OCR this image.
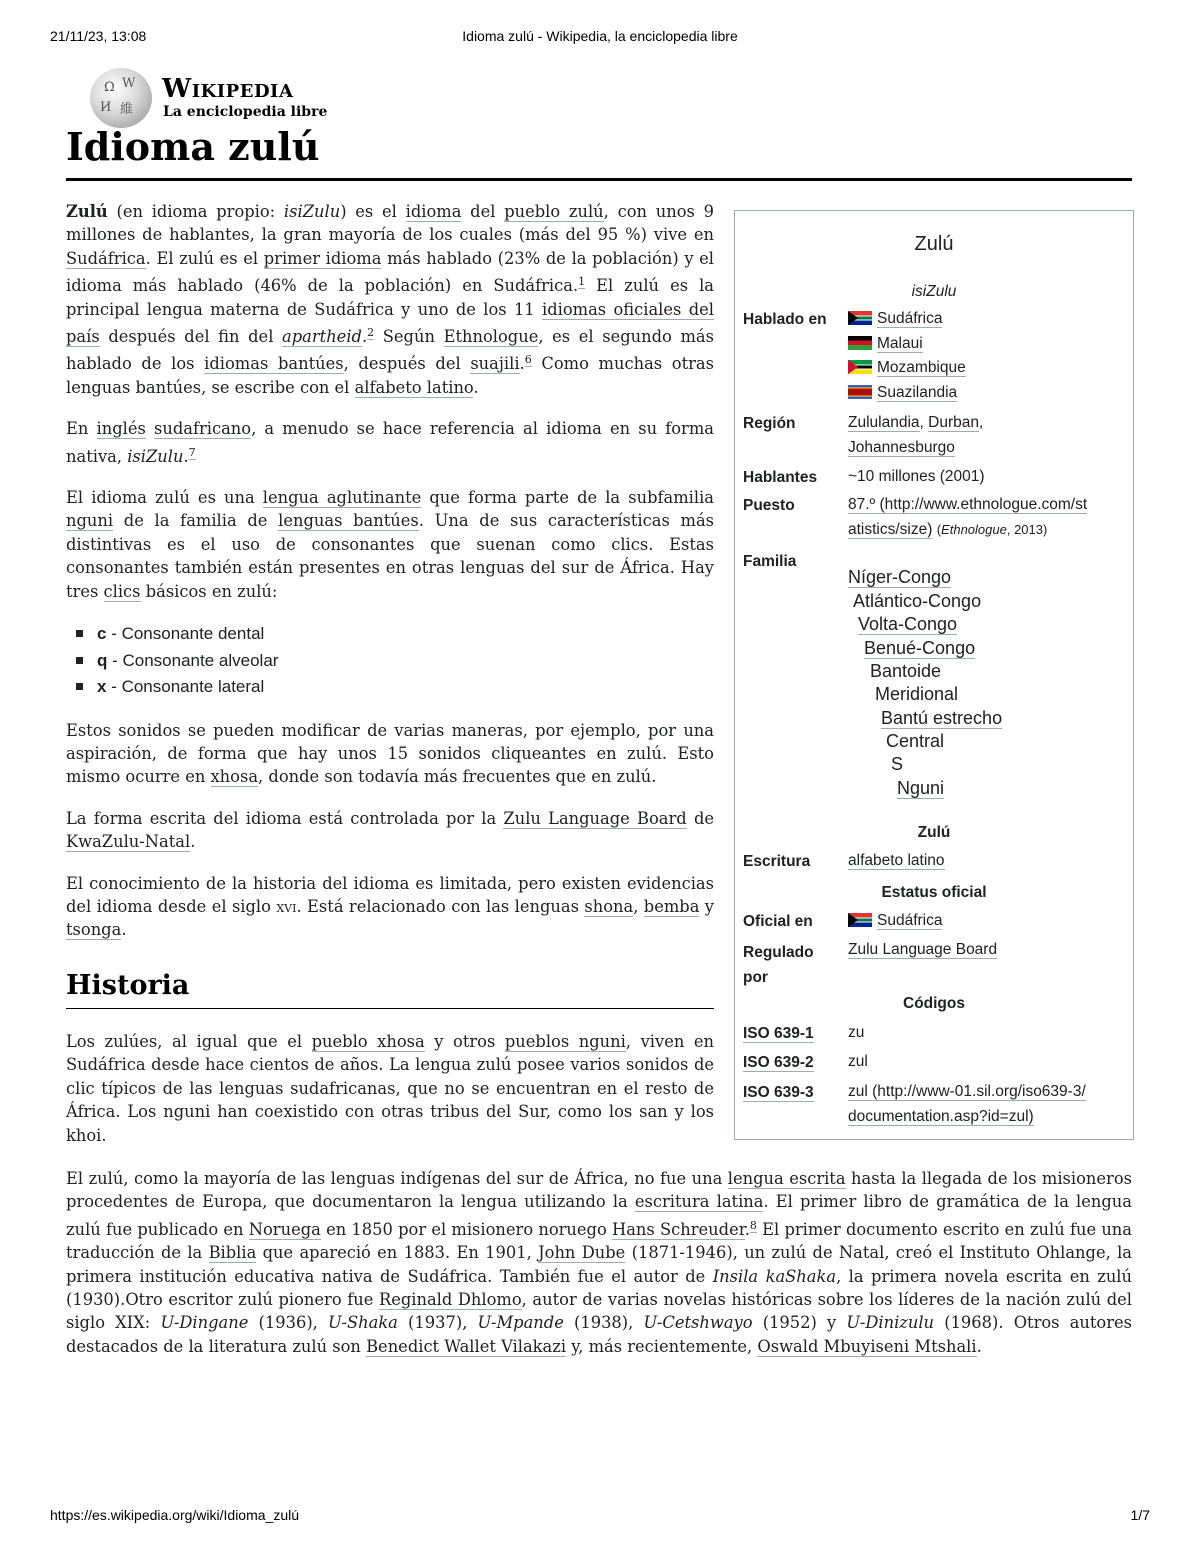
21/11/23, 13:08	Idioma zulú - Wikipedia, la enciclopedia libre
Ω W
И 維
Wikipedia
La enciclopedia libre
Idioma zulú

Zulú (en idioma propio: isiZulu) es el idioma del pueblo zulú, con unos 9 millones de hablantes, la gran mayoría de los cuales (más del 95 %) vive en Sudáfrica. El zulú es el primer idioma más hablado (23% de la población) y el idioma más hablado (46% de la población) en Sudáfrica.$^1$ El zulú es la principal lengua materna de Sudáfrica y uno de los 11 idiomas oficiales del país después del fin del apartheid.$^2$ Según Ethnologue, es el segundo más hablado de los idiomas bantúes, después del suajili.$^6$ Como muchas otras lenguas bantúes, se escribe con el alfabeto latino.

En inglés sudafricano, a menudo se hace referencia al idioma en su forma nativa, isiZulu.$^7$

El idioma zulú es una lengua aglutinante que forma parte de la subfamilia nguni de la familia de lenguas bantúes. Una de sus características más distintivas es el uso de consonantes que suenan como clics. Estas consonantes también están presentes en otras lenguas del sur de África. Hay tres clics básicos en zulú:

c - Consonante dental
q - Consonante alveolar
x - Consonante lateral

Estos sonidos se pueden modificar de varias maneras, por ejemplo, por una aspiración, de forma que hay unos 15 sonidos cliqueantes en zulú. Esto mismo ocurre en xhosa, donde son todavía más frecuentes que en zulú.

La forma escrita del idioma está controlada por la Zulu Language Board de KwaZulu-Natal.

El conocimiento de la historia del idioma es limitada, pero existen evidencias del idioma desde el siglo xvi. Está relacionado con las lenguas shona, bemba y tsonga.

Historia

Los zulúes, al igual que el pueblo xhosa y otros pueblos nguni, viven en Sudáfrica desde hace cientos de años. La lengua zulú posee varios sonidos de clic típicos de las lenguas sudafricanas, que no se encuentran en el resto de África. Los nguni han coexistido con otras tribus del Sur, como los san y los khoi.

El zulú, como la mayoría de las lenguas indígenas del sur de África, no fue una lengua escrita hasta la llegada de los misioneros procedentes de Europa, que documentaron la lengua utilizando la escritura latina. El primer libro de gramática de la lengua zulú fue publicado en Noruega en 1850 por el misionero noruego Hans Schreuder.$^8$ El primer documento escrito en zulú fue una traducción de la Biblia que apareció en 1883. En 1901, John Dube (1871-1946), un zulú de Natal, creó el Instituto Ohlange, la primera institución educativa nativa de Sudáfrica. También fue el autor de Insila kaShaka, la primera novela escrita en zulú (1930).Otro escritor zulú pionero fue Reginald Dhlomo, autor de varias novelas históricas sobre los líderes de la nación zulú del siglo XIX: U-Dingane (1936), U-Shaka (1937), U-Mpande (1938), U-Cetshwayo (1952) y U-Dinizulu (1968). Otros autores destacados de la literatura zulú son Benedict Wallet Vilakazi y, más recientemente, Oswald Mbuyiseni Mtshali.
Zulú
isiZulu
Hablado en	Sudáfrica
Malaui
Mozambique
Suazilandia
Región	Zululandia, Durban,
Johannesburgo
Hablantes ~10 millones (2001)
Puesto	87.º (http://www.ethnologue.com/st
atistics/size) (Ethnologue, 2013)
Familia
Níger-Congo
Atlántico-Congo
Volta-Congo
Benué-Congo
Bantoide
Meridional
Bantú estrecho
Central
S
Nguni
Zulú
Escritura alfabeto latino
Estatus oficial
Oficial en	Sudáfrica
Regulado
por
Zulu Language Board
Códigos
ISO 639-1 zu
ISO 639-2 zul
ISO 639-3 zul (http://www-01.sil.org/iso639-3/
documentation.asp?id=zul)
https://es.wikipedia.org/wiki/Idioma_zulú	1/7
